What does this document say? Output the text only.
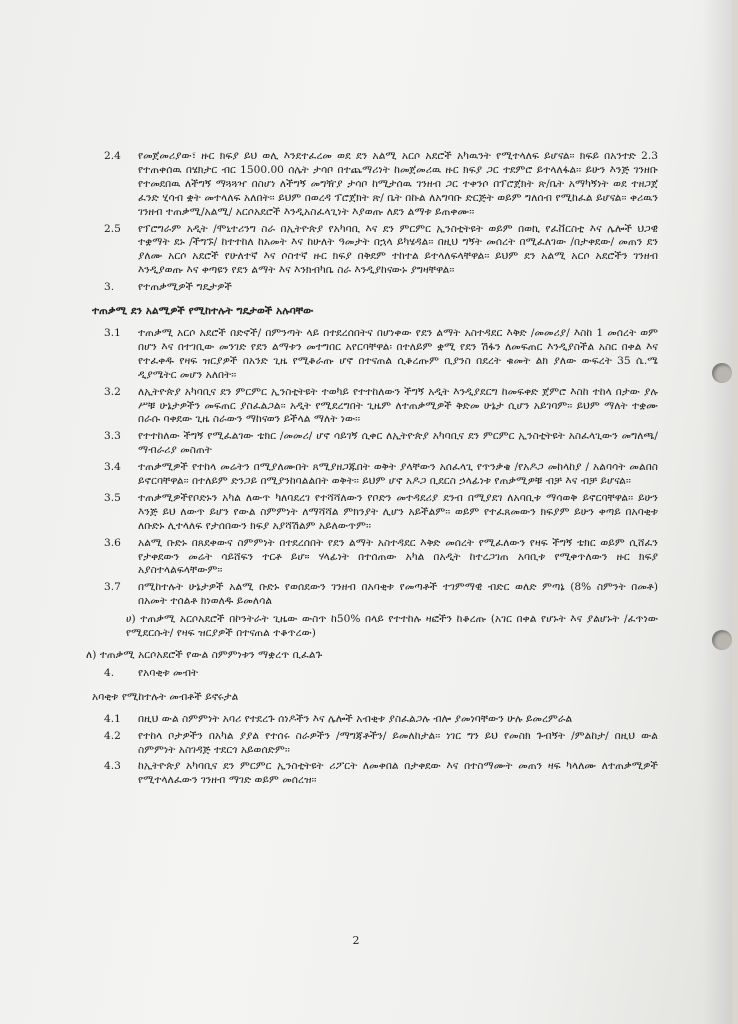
2.4	የመጀመሪያው፣ ዙር ክፍያ ይህ ወሊ እንደተፈረመ ወደ ደን አልሚ አርሶ አደሮች አካዉንት የሚተላለፍ ይሆናል፡፡ ክፍይ በአንተድ 2.3 የተጠቀሰዉ በሄክታር ብር 1500.00 ሰሌት ታሳቦ በተጨማሪነት ከመጀመሪዉ ዙር ክፍያ ጋር ተደምሮ ይተላለፋል፡፡ ይሁን እንጅ ገንዘቡ የተመደበዉ ለችግኝ ማጓጓዣ በስሆነ ለችግኝ መግዥያ ታሳቦ ከሚታሰዉ ገንዘብ ጋር ተቀንሶ በፕሮጀክት ጽ/ቤት አማካኝነት ወደ ተዘጋጀ ፈንድ ሂሳብ ቋት መተላለፍ አለበት፡፡ ይህም በወረዳ ፕሮጀክት ጽ/ ቤት በኩል ለአግባቡ ድርጅት ወይም ግለሰብ የሚከፈል ይሆናል፡፡ ቀሪዉን ገንዘብ ተጠቃሚ/አልሚ/ አርሶአደሮች እንዲአስፈላጊነት እያወጡ ለደን ልማቱ ይጠቀሙ፡፡
2.5	የፕሮግራም አዲት /ሞኒተሪንግ ስራ በኢትዮጵያ የአካባቢ እና ደን ምርምር ኢንስቲትዩት ወይም በወኪ የፈቨርስቲ እና ሌሎች ህጋዊ ተቋማት ደኑ /ችግኙ/ ከተተከለ ከአመት እና ከሁለት ዓመታት በኋላ ይካሄዳል፡፡ በዚህ ግኝት መሰረት በሚፈለገው /በታቀደው/ መጠን ደን ያለሙ አርሶ አደሮች የሁለተኛ እና ሶስተኛ ዙር ክፍያ በቅደም ተከተል ይተላለፍላቸዋል፡፡ ይህም ደን አልሚ አርሶ አደሮችን ገንዘብ እንዲያወጡ እና ቀጣዩን የደን ልማት እና እንክብካቤ ስራ እንዲያከናውኑ ያግዛቸዋል፡፡
3.	የተጠቃሚዎች ግዴታዎች
ተጠቃሚ ደን አልሚዎች የሚከተሉት ግዴታወች አሉባቸው
3.1	ተጠቃሚ አርሶ አደሮች በድኖች/ በምንጣት ላይ በተደረሰበትና በሆነቀው የደን ልማት አስተዳደር እቅድ /መመሪያ/ እስከ 1 መሰረት ወም በሆን እና በተገቢው መንገድ የደን ልማቱን መተግበር አየርባቸዋል፡ በተለይም ቋሚ የደን ሽፋን ለመፍጠር እንዲያስችል አስር በቀል እና የተፈቀዱ የዛፍ ዝርያዎች በአንድ ጊዜ የሚቆራጡ ሆኖ በተናጠል ሲቆረጡም ቢያንስ በደረት ቁመት ልክ ያለው ውፍረት 35 ሴ.ሜ ዲያሜትር መሆን አለበት፡፡
3.2	ለኢትዮጵያ አካባቢና ደን ምርምር ኢንስቲትዩት ተወካይ የተተከለውን ችግኝ አዲት እንዲያደርግ ከመፍቀድ ጀምሮ እስከ ተከላ በታው ያሉ ሥቹ ሁኔታዎችን መፍጠር ያስፈልጋል፡፡ አዲት የሚደረግበት ጊዜም ለተጠቃሚዎች ቅድመ ሁኔታ ሲሆን አይገባም፡፡ ይህም ማለት ተቋሙ በራሱ ባቀደው ጊዜ ስራውን ማከናወን ይችላል ማለት ነው፡፡
3.3	የተተከለው ችግኝ የሚፈልገው ቴክር /መመሪ/ ሆኖ ሳይገኝ ሲቀር ለኢትዮጵያ አካባቢና ደን ምርምር ኢንስቲትዩት አስፈላጊውን መግለጫ/ማብራሪያ መስጠት
3.4	ተጠቃሚዎች የተከላ መሬትን በሚያለሙበት ጸሚያዘጋጁበት ወቅት ያላቸውን አሰፈላጊ የጥንቃቄ /የአዶጋ መከላከያ / አልባሳት መልበስ ይኖርባቸዋል፡፡ በተለይም ድንጋይ በሚያንከባልልበት ወቅት፡፡ ይህም ሆኖ አዶጋ ቢደርስ ኃላፊነቱ የጠቃሚዎቹ ብቻ እና ብቻ ይሆናል፡፡
3.5	ተጠቃሚዎችየቦድኑን አካል ለውጥ ካለባደረገ የተሻሻለውን የቦድን መተዳደሪያ ደንብ በሚያደገ ለአባቢቱ ማሳወቅ ይኖርባቸዋል፡፡ ይሁን እንጅ ይህ ለውጥ ይሆን የውል ስምምነት ለማሻሻል ምክንያት ሊሆን አይችልም፡፡ ወይም የተፈጸመውን ክፍያም ይሁን ቀጣይ በአባቂቱ ለቡድኑ ሊተላለፍ የታሰበውን ክፍያ አያሻሽልም አይለውጥም፡፡
3.6	አልሚ ቡድኑ በጸደቀውና ስምምነት በተደረሰበት የደን ልማት አስተዳደር እቅድ መሰረት የሚፈለውን የዛፍ ችግኝ ቴክር ወይም ሲሸፈን የታቀደውን መሬት ሳይሸፍን ተርቶ ይሆ። ሃላፊነት በተሰጠው አካል በአዲት ከተረጋገጠ አባቢቱ የሚቀጥለውን ዙር ክፍያ አያስተላልፍላቸውም፡፡
3.7	በሚከተሉት ሁኔታዎች አልሚ ቡድኑ የወሰደውን ገንዘብ በአባቂቱ የመጣቶች ተገምማዊ ብድር ወለድ ምጣኔ (8% ስምንት በመቶ) በአመት ተሰልቶ ክነወለዱ ይመለሳል
ሀ) ተጠቃሚ አርሶአደሮች በኮንትራት ጊዜው ውስጥ ከ50% በላይ የተተከሉ ዛፎችን ከቆረጡ (አገር በቀል የሆኑት እና ያልሆኑት /ፈጥነው የሚደርሱት/ የዛፍ ዝርያዎች በተናጠል ተቆጥረው)
ለ) ተጠቃሚ አርሶአደሮች የውል ስምምነቱን ማቋረጥ ቢፈልጉ
4.	የአባቂቱ መብት
አባቂቱ የሚከተሉት መብቶች ይኖሩታል
4.1	በዚህ ውል ስምምነት አባሪ የተደረጉ ሰነዶችን እና ሌሎች አብቂቱ ያስፈልጋሉ ብሎ ያመነባቸውን ሁሉ ይመረምራል
4.2	የተከላ ቦታዎችን በአካል ያያል የተሰሩ ስራዎችን /ማግጃቶችን/ ይመለከታል፡፡ ነገር ግን ይህ የመስክ ጉብኝት /ምልከታ/ በዚህ ውል ስምምነት አስገዳጅ ተደርጎ አይወሰድም፡፡
4.3	ከኢትዮጵያ አካባቢና ደን ምርምር ኢንስቲትዩት ሪፖርት ለመቀበል በታቀደው እና በተስማሙት መጠን ዛፍ ካላለሙ ለተጠቃሚዎች የሚተላለፈውን ገንዘብ ማገድ ወይም መሰረዝ፡፡
2
